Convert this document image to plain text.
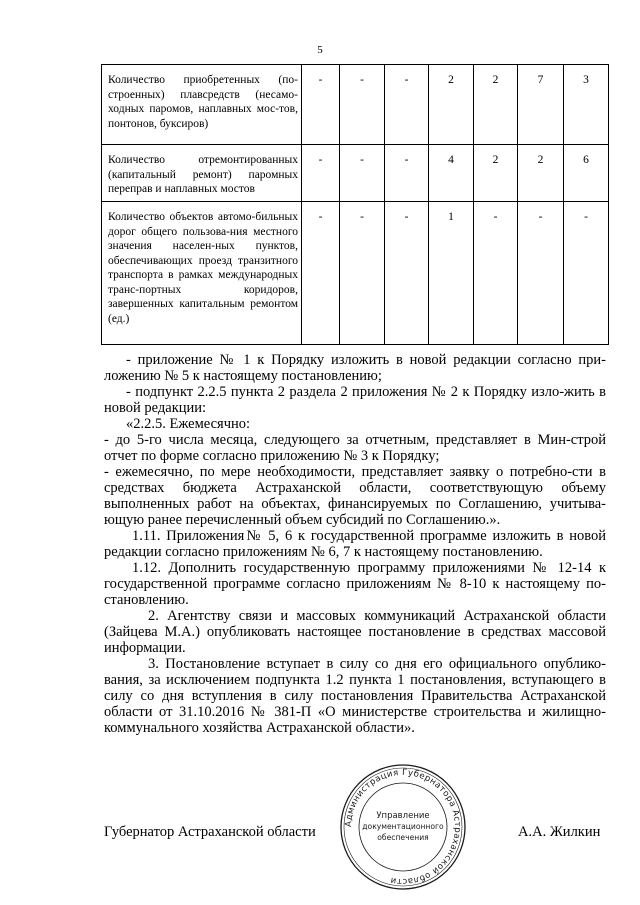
5
Количество приобретенных (по-строенных) плавсредств (несамо-ходных паромов, наплавных мос-тов, понтонов, буксиров)	-	-	-	2	2	7	3
Количество отремонтированных (капитальный ремонт) паромных переправ и наплавных мостов	-	-	-	4	2	2	6
Количество объектов автомо-бильных дорог общего пользова-ния местного значения населен-ных пунктов, обеспечивающих проезд транзитного транспорта в рамках международных транс-портных коридоров, завершенных капитальным ремонтом (ед.)	-	-	-	1	-	-	-

- приложение № 1 к Порядку изложить в новой редакции согласно при-ложению № 5 к настоящему постановлению;

- подпункт 2.2.5 пункта 2 раздела 2 приложения № 2 к Порядку изло-жить в новой редакции:

«2.2.5. Ежемесячно:

- до 5-го числа месяца, следующего за отчетным, представляет в Мин-строй отчет по форме согласно приложению № 3 к Порядку;

- ежемесячно, по мере необходимости, представляет заявку о потребно-сти в средствах бюджета Астраханской области, соответствующую объему выполненных работ на объектах, финансируемых по Соглашению, учитыва-ющую ранее перечисленный объем субсидий по Соглашению.».

1.11. Приложения№ 5, 6 к государственной программе изложить в новой редакции согласно приложениям № 6, 7 к настоящему постановлению.

1.12. Дополнить государственную программу приложениями № 12-14 к государственной программе согласно приложениям № 8-10 к настоящему по-становлению.

2. Агентству связи и массовых коммуникаций Астраханской области (Зайцева М.А.) опубликовать настоящее постановление в средствах массовой информации.

3. Постановление вступает в силу со дня его официального опублико-вания, за исключением подпункта 1.2 пункта 1 постановления, вступающего в силу со дня вступления в силу постановления Правительства Астраханской области от 31.10.2016 № 381-П «О министерстве строительства и жилищно-коммунального хозяйства Астраханской области».

Губернатор Астраханской области	А.А. Жилкин
Администрация Губернатора Астраханской области
Управление
документационного
обеспечения
